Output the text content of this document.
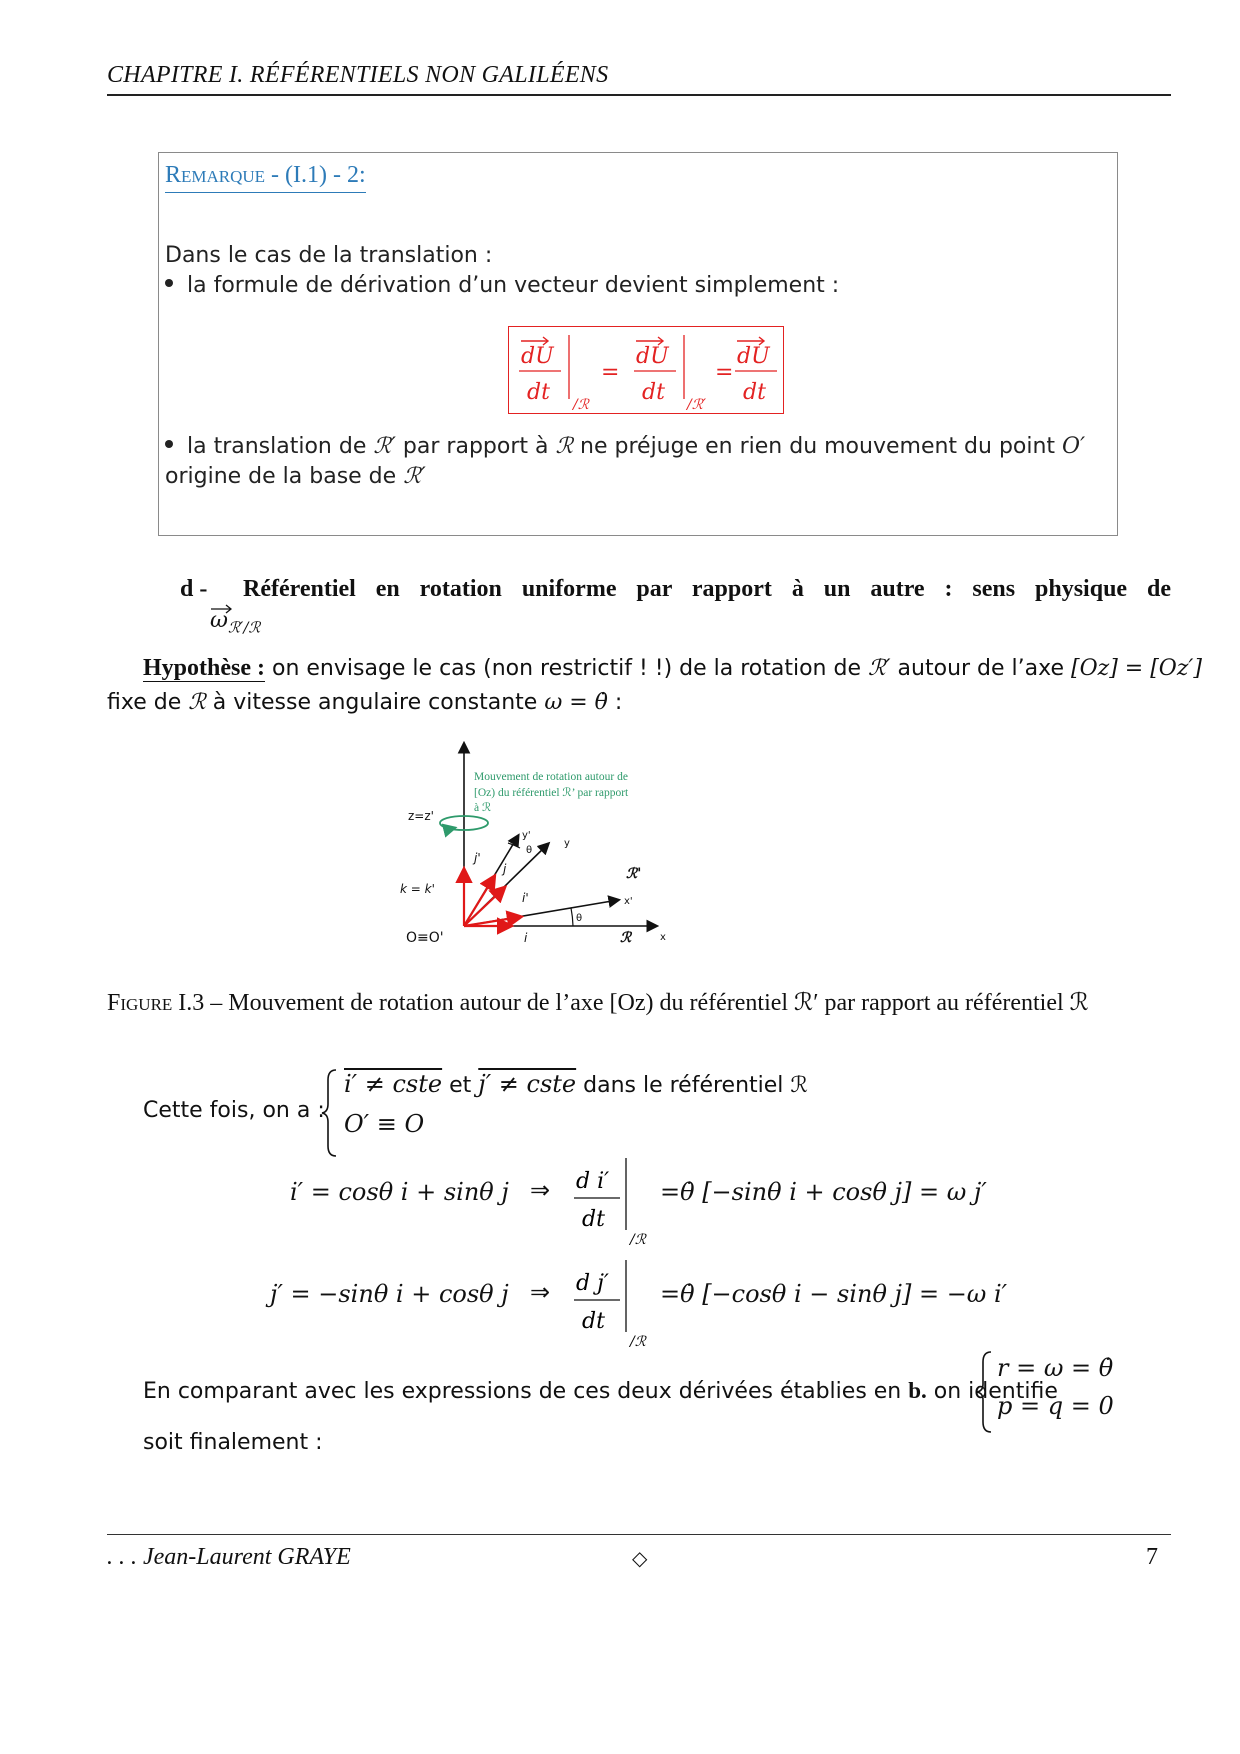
CHAPITRE I. RÉFÉRENTIELS NON GALILÉENS
Remarque - (I.1) - 2:
Dans le cas de la translation :
la formule de dérivation d’un vecteur devient simplement :
dU
dt /ℛ
=
dU
dt /ℛ′
=
dU
dt
la translation de ℛ′ par rapport à ℛ ne préjuge en rien du mouvement du point O′ origine de la base de ℛ′
d - Référentiel en rotation uniforme par rapport à un autre : sens physique de
$\omega_{ℛ'/ℛ}$
Hypothèse : on envisage le cas (non restrictif ! !) de la rotation de ℛ′ autour de l’axe [Oz] = [Oz′]
fixe de ℛ à vitesse angulaire constante ω = θ̇ :
Mouvement de rotation autour de
[Oz) du référentiel ℛ’ par rapport
à ℛ
z=z'
k = k'
O≡O'
j'
j
i'
i
y'
y
θ
θ
x'
x
ℛ'
ℛ
Figure I.3 – Mouvement de rotation autour de l’axe [Oz) du référentiel ℛ′ par rapport au référentiel ℛ
Cette fois, on a :
i′ ≠ cste et j′ ≠ cste dans le référentiel ℛ
O′ ≡ O
i′ = cosθ i + sinθ j ⇒ d i′
dt
/ℛ
=θ̇ [−sinθ i + cosθ j] = ω j′
j′ = −sinθ i + cosθ j ⇒ d j′
dt
/ℛ
=θ̇ [−cosθ i − sinθ j] = −ω i′
En comparant avec les expressions de ces deux dérivées établies en b. on identifie
r = ω = θ̇
p = q = 0
soit finalement :
. . . Jean-Laurent GRAYE	◇	7
